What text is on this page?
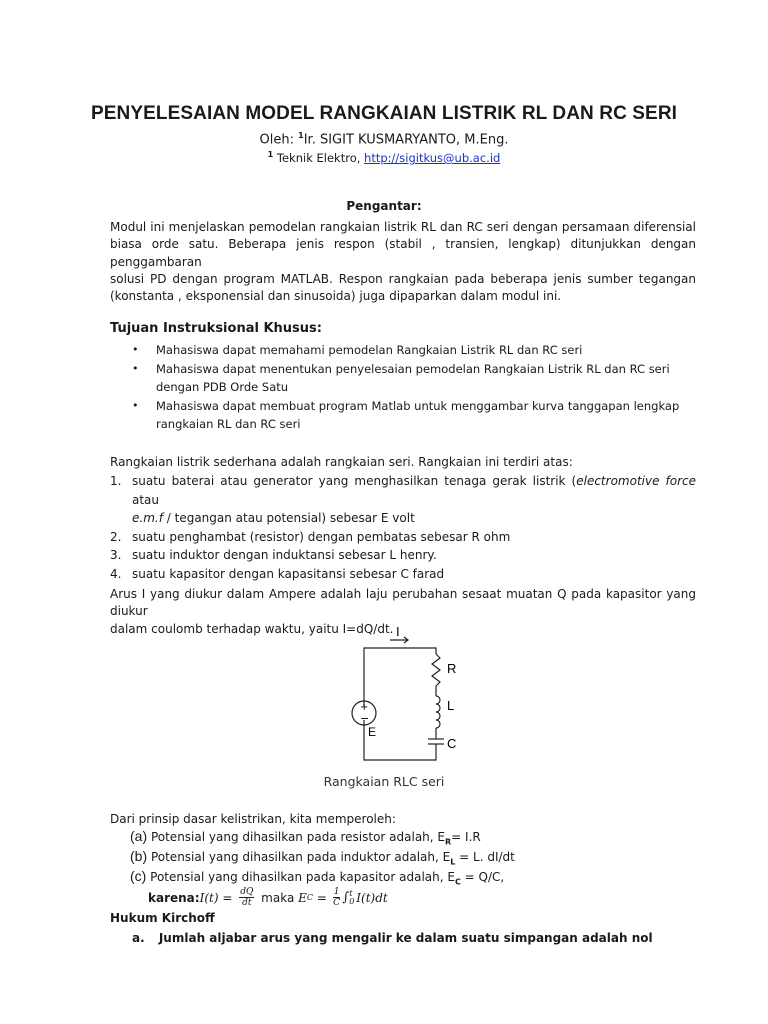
PENYELESAIAN MODEL RANGKAIAN LISTRIK RL DAN RC SERI
Oleh: $^1$Ir. SIGIT KUSMARYANTO, M.Eng.
$^1$ Teknik Elektro, http://sigitkus@ub.ac.id
Pengantar:
Modul ini menjelaskan pemodelan rangkaian listrik RL dan RC seri dengan persamaan diferensial
biasa orde satu. Beberapa jenis respon (stabil , transien, lengkap) ditunjukkan dengan penggambaran
solusi PD dengan program MATLAB. Respon rangkaian pada beberapa jenis sumber tegangan
(konstanta , eksponensial dan sinusoida) juga dipaparkan dalam modul ini.
Tujuan Instruksional Khusus:
• Mahasiswa dapat memahami pemodelan Rangkaian Listrik RL dan RC seri
• Mahasiswa dapat menentukan penyelesaian pemodelan Rangkaian Listrik RL dan RC seri
dengan PDB Orde Satu
• Mahasiswa dapat membuat program Matlab untuk menggambar kurva tanggapan lengkap
rangkaian RL dan RC seri
Rangkaian listrik sederhana adalah rangkaian seri. Rangkaian ini terdiri atas:
1. suatu baterai atau generator yang menghasilkan tenaga gerak listrik (electromotive force atau
e.m.f / tegangan atau potensial) sebesar E volt
2. suatu penghambat (resistor) dengan pembatas sebesar R ohm
3. suatu induktor dengan induktansi sebesar L henry.
4. suatu kapasitor dengan kapasitansi sebesar C farad
Arus I yang diukur dalam Ampere adalah laju perubahan sesaat muatan Q pada kapasitor yang diukur
dalam coulomb terhadap waktu, yaitu I=dQ/dt. I
R
L
C
E
+
−
Rangkaian RLC seri
Dari prinsip dasar kelistrikan, kita memperoleh:
(a) Potensial yang dihasilkan pada resistor adalah, $E_R= I.R$
(b) Potensial yang dihasilkan pada induktor adalah, $E_L = L$. dI/dt
(c) Potensial yang dihasilkan pada kapasitor adalah, $E_C = Q/C$,
karena: $I(t) = \frac{dQ}{dt}$ maka E $C = \frac{1}{C}$ ∫ t
0 I(t)dt
Hukum Kirchoff
a. Jumlah aljabar arus yang mengalir ke dalam suatu simpangan adalah nol
